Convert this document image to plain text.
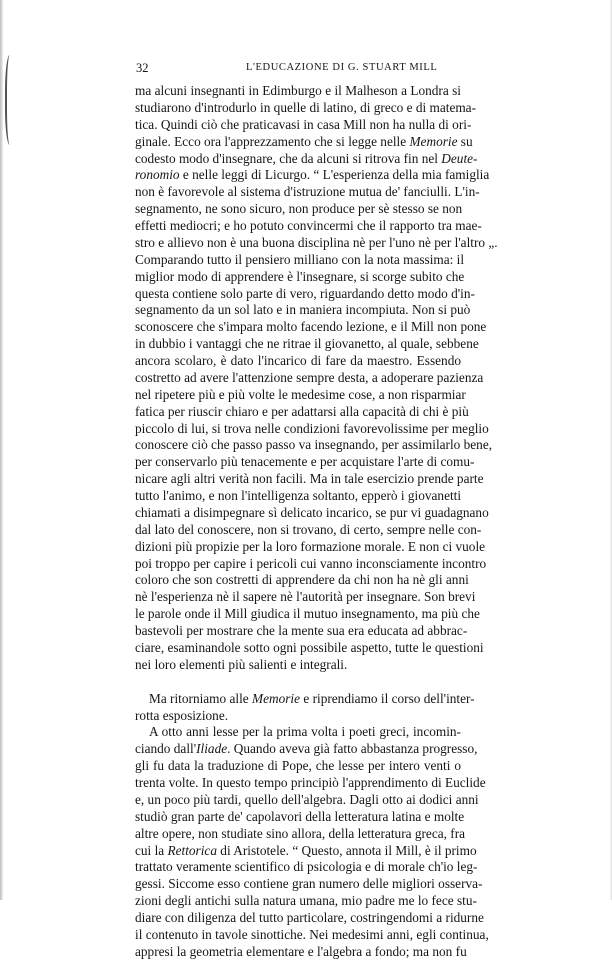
32	L'EDUCAZIONE DI G. STUART MILL
ma alcuni insegnanti in Edimburgo e il Malheson a Londra si
studiarono d'introdurlo in quelle di latino, di greco e di matema-
tica. Quindi ciò che praticavasi in casa Mill non ha nulla di ori-
ginale. Ecco ora l'apprezzamento che si legge nelle Memorie su
codesto modo d'insegnare, che da alcuni si ritrova fin nel Deute-
ronomio e nelle leggi di Licurgo. “ L'esperienza della mia famiglia
non è favorevole al sistema d'istruzione mutua de' fanciulli. L'in-
segnamento, ne sono sicuro, non produce per sè stesso se non
effetti mediocri; e ho potuto convincermi che il rapporto tra mae-
stro e allievo non è una buona disciplina nè per l'uno nè per l'altro „.
Comparando tutto il pensiero milliano con la nota massima: il
miglior modo di apprendere è l'insegnare, si scorge subito che
questa contiene solo parte di vero, riguardando detto modo d'in-
segnamento da un sol lato e in maniera incompiuta. Non si può
sconoscere che s'impara molto facendo lezione, e il Mill non pone
in dubbio i vantaggi che ne ritrae il giovanetto, al quale, sebbene
ancora scolaro, è dato l'incarico di fare da maestro. Essendo
costretto ad avere l'attenzione sempre desta, a adoperare pazienza
nel ripetere più e più volte le medesime cose, a non risparmiar
fatica per riuscir chiaro e per adattarsi alla capacità di chi è più
piccolo di lui, si trova nelle condizioni favorevolissime per meglio
conoscere ciò che passo passo va insegnando, per assimilarlo bene,
per conservarlo più tenacemente e per acquistare l'arte di comu-
nicare agli altri verità non facili. Ma in tale esercizio prende parte
tutto l'animo, e non l'intelligenza soltanto, epperò i giovanetti
chiamati a disimpegnare sì delicato incarico, se pur vi guadagnano
dal lato del conoscere, non si trovano, di certo, sempre nelle con-
dizioni più propizie per la loro formazione morale. E non ci vuole
poi troppo per capire i pericoli cui vanno inconsciamente incontro
coloro che son costretti di apprendere da chi non ha nè gli anni
nè l'esperienza nè il sapere nè l'autorità per insegnare. Son brevi
le parole onde il Mill giudica il mutuo insegnamento, ma più che
bastevoli per mostrare che la mente sua era educata ad abbrac-
ciare, esaminandole sotto ogni possibile aspetto, tutte le questioni
nei loro elementi più salienti e integrali.
Ma ritorniamo alle Memorie e riprendiamo il corso dell'inter-
rotta esposizione.
A otto anni lesse per la prima volta i poeti greci, incomin-
ciando dall'Iliade. Quando aveva già fatto abbastanza progresso,
gli fu data la traduzione di Pope, che lesse per intero venti o
trenta volte. In questo tempo principiò l'apprendimento di Euclide
e, un poco più tardi, quello dell'algebra. Dagli otto ai dodici anni
studiò gran parte de' capolavori della letteratura latina e molte
altre opere, non studiate sino allora, della letteratura greca, fra
cui la Rettorica di Aristotele. “ Questo, annota il Mill, è il primo
trattato veramente scientifico di psicologia e di morale ch'io leg-
gessi. Siccome esso contiene gran numero delle migliori osserva-
zioni degli antichi sulla natura umana, mio padre me lo fece stu-
diare con diligenza del tutto particolare, costringendomi a ridurne
il contenuto in tavole sinottiche. Nei medesimi anni, egli continua,
appresi la geometria elementare e l'algebra a fondo; ma non fu
